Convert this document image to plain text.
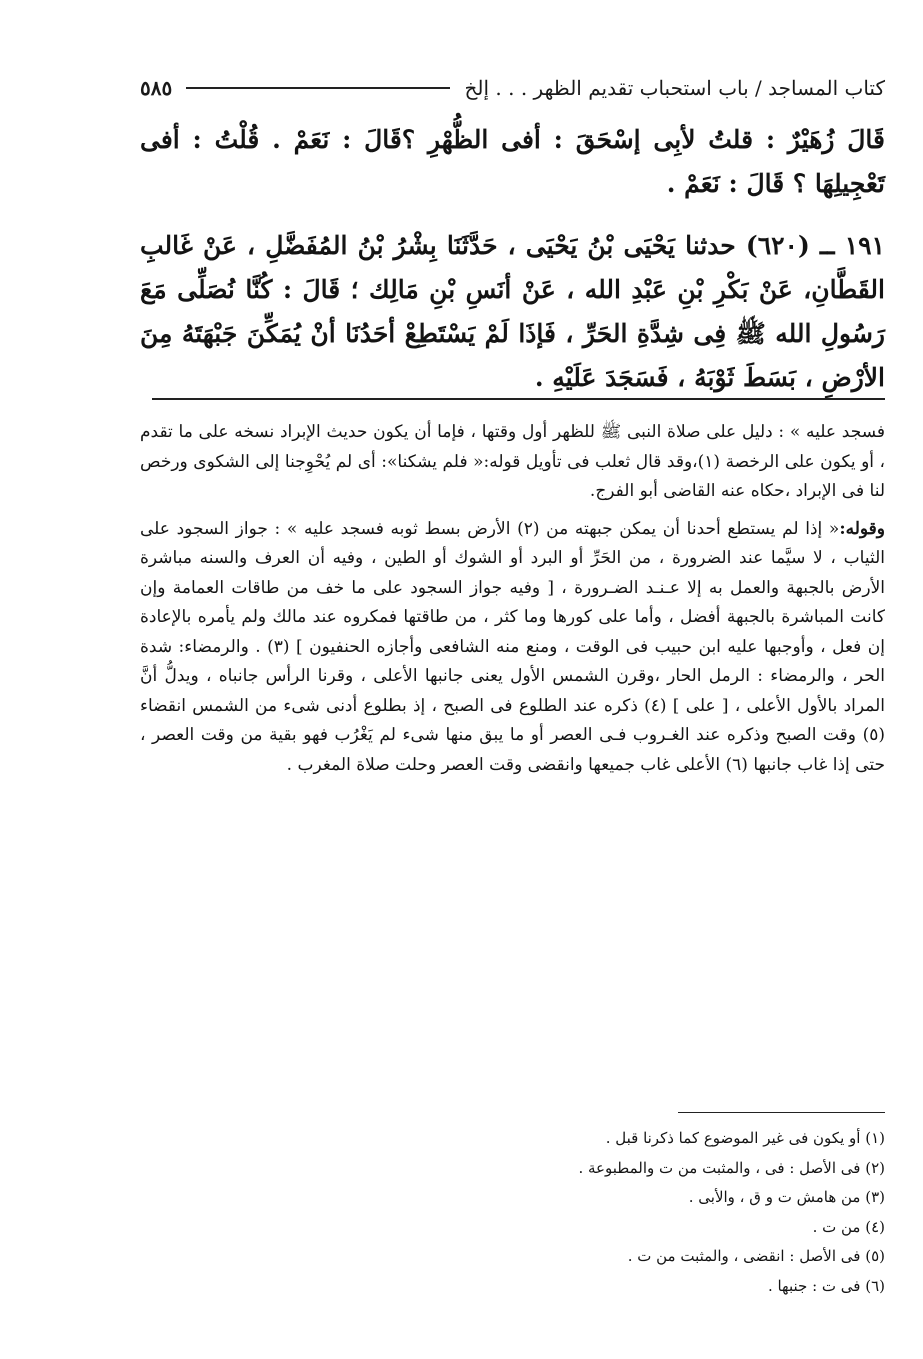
كتاب المساجد / باب استحباب تقديم الظهر . . . إلخ
٥٨٥

قَالَ زُهَيْرٌ : قلتُ لأبِى إسْحَقَ : أفى الظُّهْرِ ؟قَالَ : نَعَمْ . قُلْتُ : أفى تَعْجِيلِهَا ؟ قَالَ : نَعَمْ .

١٩١ ــ (٦٢٠) حدثنا يَحْيَى بْنُ يَحْيَى ، حَدَّثَنَا بِشْرُ بْنُ المُفَضَّلِ ، عَنْ غَالبِ القَطَّانِ، عَنْ بَكْرِ بْنِ عَبْدِ الله ، عَنْ أنَسِ بْنِ مَالِك ؛ قَالَ : كُنَّا نُصَلِّى مَعَ رَسُولِ الله ﷺ فِى شِدَّةِ الحَرِّ ، فَإذَا لَمْ يَسْتَطِعْ أحَدُنَا أنْ يُمَكِّنَ جَبْهَتَهُ مِنَ الأرْضِ ، بَسَطَ ثَوْبَهُ ، فَسَجَدَ عَلَيْهِ .

فسجد عليه » : دليل على صلاة النبى ﷺ للظهر أول وقتها ، فإما أن يكون حديث الإبراد نسخه على ما تقدم ، أو يكون على الرخصة (١)،وقد قال ثعلب فى تأويل قوله:« فلم يشكنا»: أى لم يُحْوِجنا إلى الشكوى ورخص لنا فى الإبراد ،حكاه عنه القاضى أبو الفرج.

وقوله:« إذا لم يستطع أحدنا أن يمكن جبهته من (٢) الأرض بسط ثوبه فسجد عليه » : جواز السجود على الثياب ، لا سيَّما عند الضرورة ، من الحَرِّ أو البرد أو الشوك أو الطين ، وفيه أن العرف والسنه مباشرة الأرض بالجبهة والعمل به إلا عـنـد الضـرورة ، [ وفيه جواز السجود على ما خف من طاقات العمامة وإن كانت المباشرة بالجبهة أفضل ، وأما على كورها وما كثر ، من طاقتها فمكروه عند مالك ولم يأمره بالإعادة إن فعل ، وأوجبها عليه ابن حبيب فى الوقت ، ومنع منه الشافعى وأجازه الحنفيون ] (٣) . والرمضاء: شدة الحر ، والرمضاء : الرمل الحار ،وقرن الشمس الأول يعنى جانبها الأعلى ، وقرنا الرأس جانباه ، ويدلُّ أنَّ المراد بالأول الأعلى ، [ على ] (٤) ذكره عند الطلوع فى الصبح ، إذ بطلوع أدنى شىء من الشمس انقضاء (٥) وقت الصبح وذكره عند الغـروب فـى العصر أو ما يبق منها شىء لم يَغْرُب فهو بقية من وقت العصر ، حتى إذا غاب جانبها (٦) الأعلى غاب جميعها وانقضى وقت العصر وحلت صلاة المغرب .

(١) أو يكون فى غير الموضوع كما ذكرنا قبل .
(٢) فى الأصل : فى ، والمثبت من ت والمطبوعة .
(٣) من هامش ت و ق ، والأبى .
(٤) من ت .
(٥) فى الأصل : انقضى ، والمثبت من ت .
(٦) فى ت : جنبها .
